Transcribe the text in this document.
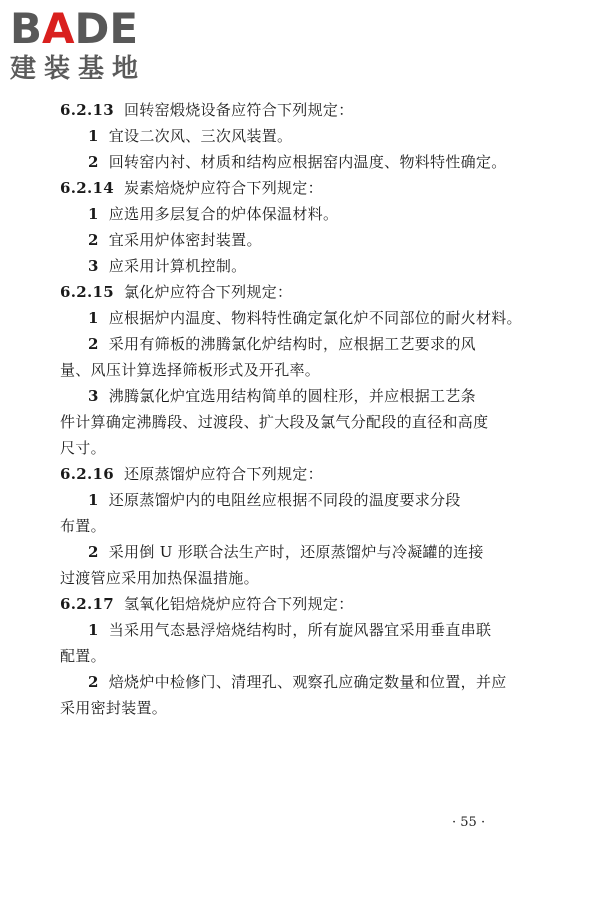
BADE
建装基地
6.2.13 回转窑煅烧设备应符合下列规定：
1 宜设二次风、三次风装置。
2 回转窑内衬、材质和结构应根据窑内温度、物料特性确定。
6.2.14 炭素焙烧炉应符合下列规定：
1 应选用多层复合的炉体保温材料。
2 宜采用炉体密封装置。
3 应采用计算机控制。
6.2.15 氯化炉应符合下列规定：
1 应根据炉内温度、物料特性确定氯化炉不同部位的耐火材料。
2 采用有筛板的沸腾氯化炉结构时，应根据工艺要求的风
量、风压计算选择筛板形式及开孔率。
3 沸腾氯化炉宜选用结构简单的圆柱形，并应根据工艺条
件计算确定沸腾段、过渡段、扩大段及氯气分配段的直径和高度
尺寸。
6.2.16 还原蒸馏炉应符合下列规定：
1 还原蒸馏炉内的电阻丝应根据不同段的温度要求分段
布置。
2 采用倒 U 形联合法生产时，还原蒸馏炉与冷凝罐的连接
过渡管应采用加热保温措施。
6.2.17 氢氧化铝焙烧炉应符合下列规定：
1 当采用气态悬浮焙烧结构时，所有旋风器宜采用垂直串联
配置。
2 焙烧炉中检修门、清理孔、观察孔应确定数量和位置，并应
采用密封装置。
· 55 ·
